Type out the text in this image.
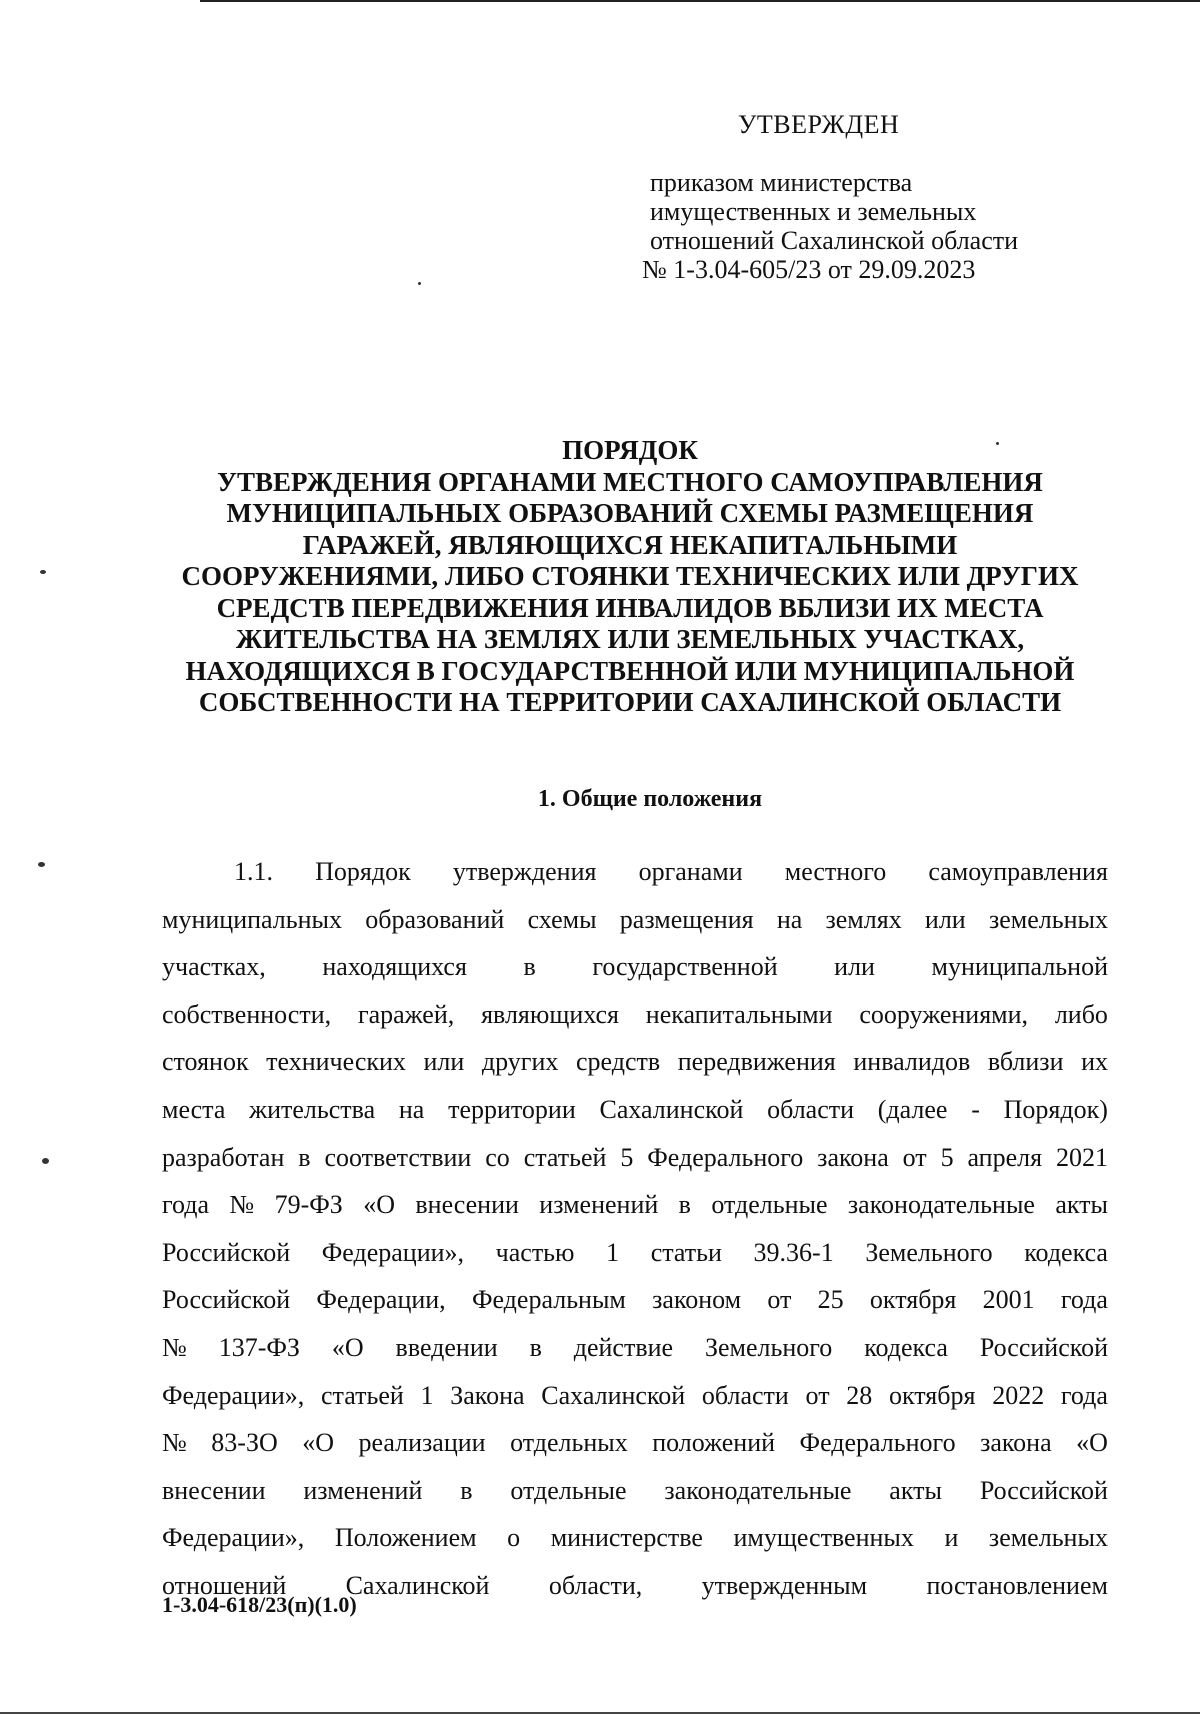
УТВЕРЖДЕН
приказом министерства
имущественных и земельных
отношений Сахалинской области
№ 1-3.04-605/23 от 29.09.2023
ПОРЯДОК
УТВЕРЖДЕНИЯ ОРГАНАМИ МЕСТНОГО САМОУПРАВЛЕНИЯ
МУНИЦИПАЛЬНЫХ ОБРАЗОВАНИЙ СХЕМЫ РАЗМЕЩЕНИЯ
ГАРАЖЕЙ, ЯВЛЯЮЩИХСЯ НЕКАПИТАЛЬНЫМИ
СООРУЖЕНИЯМИ, ЛИБО СТОЯНКИ ТЕХНИЧЕСКИХ ИЛИ ДРУГИХ
СРЕДСТВ ПЕРЕДВИЖЕНИЯ ИНВАЛИДОВ ВБЛИЗИ ИХ МЕСТА
ЖИТЕЛЬСТВА НА ЗЕМЛЯХ ИЛИ ЗЕМЕЛЬНЫХ УЧАСТКАХ,
НАХОДЯЩИХСЯ В ГОСУДАРСТВЕННОЙ ИЛИ МУНИЦИПАЛЬНОЙ
СОБСТВЕННОСТИ НА ТЕРРИТОРИИ САХАЛИНСКОЙ ОБЛАСТИ
1. Общие положения
1.1. Порядок утверждения органами местного самоуправления
муниципальных образований схемы размещения на землях или земельных
участках, находящихся в государственной или муниципальной
собственности, гаражей, являющихся некапитальными сооружениями, либо
стоянок технических или других средств передвижения инвалидов вблизи их
места жительства на территории Сахалинской области (далее - Порядок)
разработан в соответствии со статьей 5 Федерального закона от 5 апреля 2021
года № 79-ФЗ «О внесении изменений в отдельные законодательные акты
Российской Федерации», частью 1 статьи 39.36-1 Земельного кодекса
Российской Федерации, Федеральным законом от 25 октября 2001 года
№ 137-ФЗ «О введении в действие Земельного кодекса Российской
Федерации», статьей 1 Закона Сахалинской области от 28 октября 2022 года
№ 83-ЗО «О реализации отдельных положений Федерального закона «О
внесении изменений в отдельные законодательные акты Российской
Федерации», Положением о министерстве имущественных и земельных
отношений Сахалинской области, утвержденным постановлением
1-3.04-618/23(п)(1.0)
